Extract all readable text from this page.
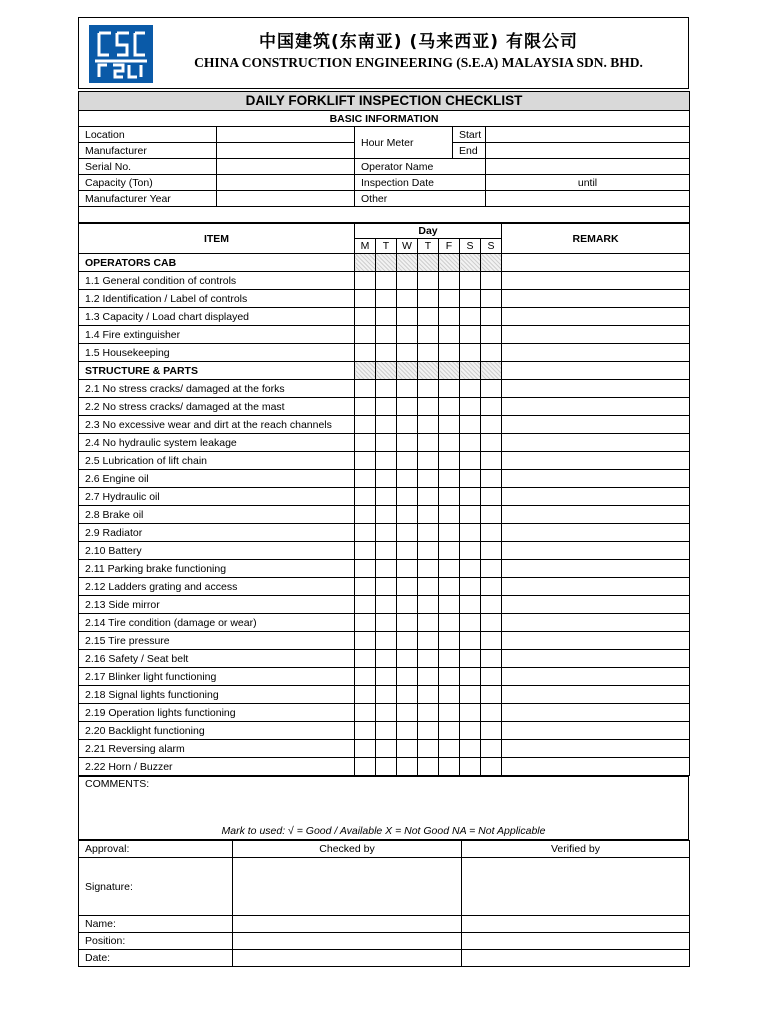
中国建筑(东南亚) (马来西亚) 有限公司
CHINA CONSTRUCTION ENGINEERING (S.E.A) MALAYSIA SDN. BHD.
DAILY FORKLIFT INSPECTION CHECKLIST				
BASIC INFORMATION				
Location		Hour Meter	Start	
Manufacturer			End	
Serial No.		Operator Name		
Capacity (Ton)		Inspection Date		until
Manufacturer Year		Other		

ITEM	Day							REMARK
	M	T	W	T	F	S	S	
OPERATORS CAB								
1.1 General condition of controls								
1.2 Identification / Label of controls								
1.3 Capacity / Load chart displayed								
1.4 Fire extinguisher								
1.5 Housekeeping								
STRUCTURE & PARTS								
2.1 No stress cracks/ damaged at the forks								
2.2 No stress cracks/ damaged at the mast								
2.3 No excessive wear and dirt at the reach channels								
2.4 No hydraulic system leakage								
2.5 Lubrication of lift chain								
2.6 Engine oil								
2.7 Hydraulic oil								
2.8 Brake oil								
2.9 Radiator								
2.10 Battery								
2.11 Parking brake functioning								
2.12 Ladders grating and access								
2.13 Side mirror								
2.14 Tire condition (damage or wear)								
2.15 Tire pressure								
2.16 Safety / Seat belt								
2.17 Blinker light functioning								
2.18 Signal lights functioning								
2.19 Operation lights functioning								
2.20 Backlight functioning								
2.21 Reversing alarm								
2.22 Horn / Buzzer								
COMMENTS:
Mark to used: √ = Good / Available X = Not Good NA = Not Applicable
Approval:	Checked by	Verified by
Signature:		
Name:		
Position:		
Date:		
